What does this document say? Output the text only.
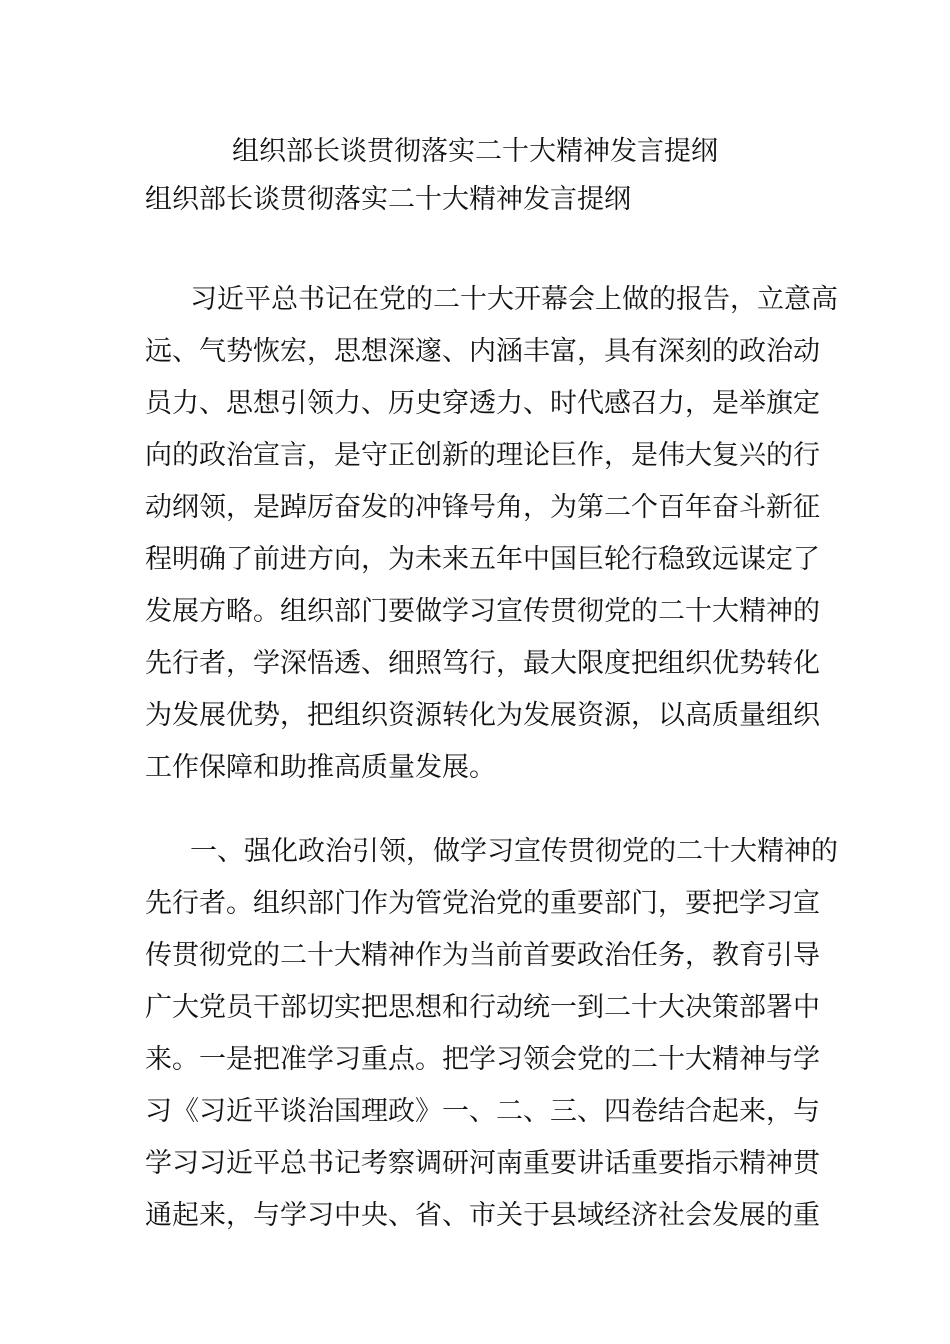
组织部长谈贯彻落实二十大精神发言提纲
组织部长谈贯彻落实二十大精神发言提纲
习近平总书记在党的二十大开幕会上做的报告，立意高
远、气势恢宏，思想深邃、内涵丰富，具有深刻的政治动
员力、思想引领力、历史穿透力、时代感召力，是举旗定
向的政治宣言，是守正创新的理论巨作，是伟大复兴的行
动纲领，是踔厉奋发的冲锋号角，为第二个百年奋斗新征
程明确了前进方向，为未来五年中国巨轮行稳致远谋定了
发展方略。组织部门要做学习宣传贯彻党的二十大精神的
先行者，学深悟透、细照笃行，最大限度把组织优势转化
为发展优势，把组织资源转化为发展资源，以高质量组织
工作保障和助推高质量发展。
一、强化政治引领，做学习宣传贯彻党的二十大精神的
先行者。组织部门作为管党治党的重要部门，要把学习宣
传贯彻党的二十大精神作为当前首要政治任务，教育引导
广大党员干部切实把思想和行动统一到二十大决策部署中
来。一是把准学习重点。把学习领会党的二十大精神与学
习《习近平谈治国理政》一、二、三、四卷结合起来，与
学习习近平总书记考察调研河南重要讲话重要指示精神贯
通起来，与学习中央、省、市关于县域经济社会发展的重
